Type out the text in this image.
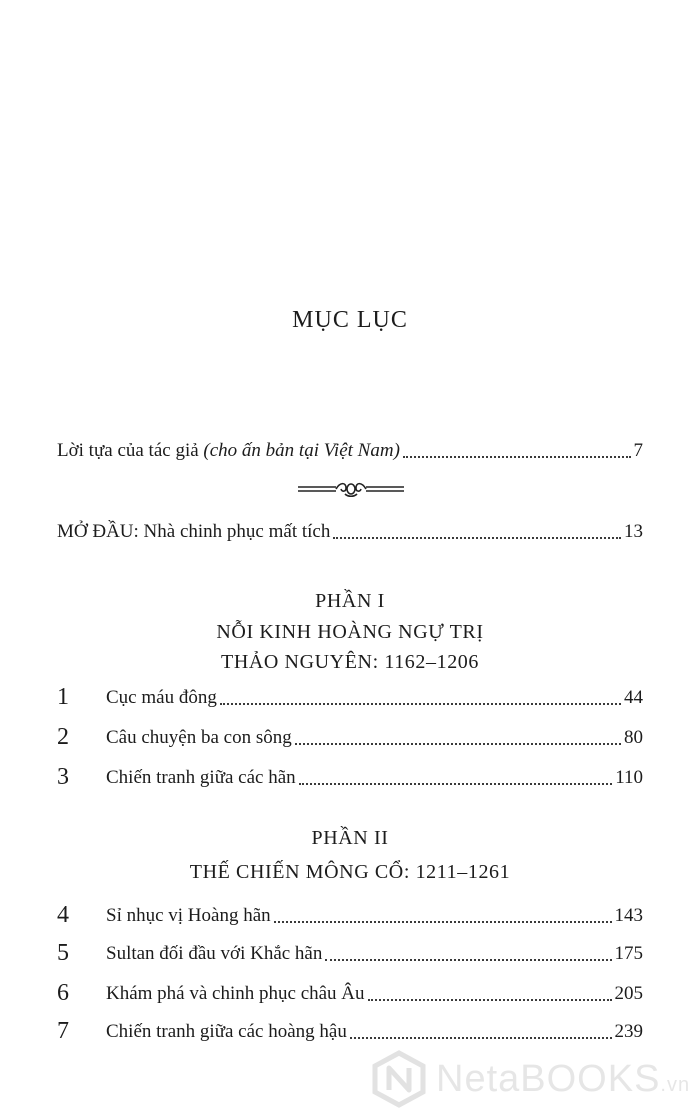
MỤC LỤC
Lời tựa của tác giả (cho ấn bản tại Việt Nam)	7
MỞ ĐẦU: Nhà chinh phục mất tích	13
PHẦN I
NỖI KINH HOÀNG NGỰ TRỊ
THẢO NGUYÊN: 1162–1206
1 Cục máu đông	44
2 Câu chuyện ba con sông	80
3 Chiến tranh giữa các hãn	110
PHẦN II
THẾ CHIẾN MÔNG CỔ: 1211–1261
4 Sỉ nhục vị Hoàng hãn	143
5 Sultan đối đầu với Khắc hãn	175
6 Khám phá và chinh phục châu Âu	205
7 Chiến tranh giữa các hoàng hậu	239
NetaBOOKS.vn
